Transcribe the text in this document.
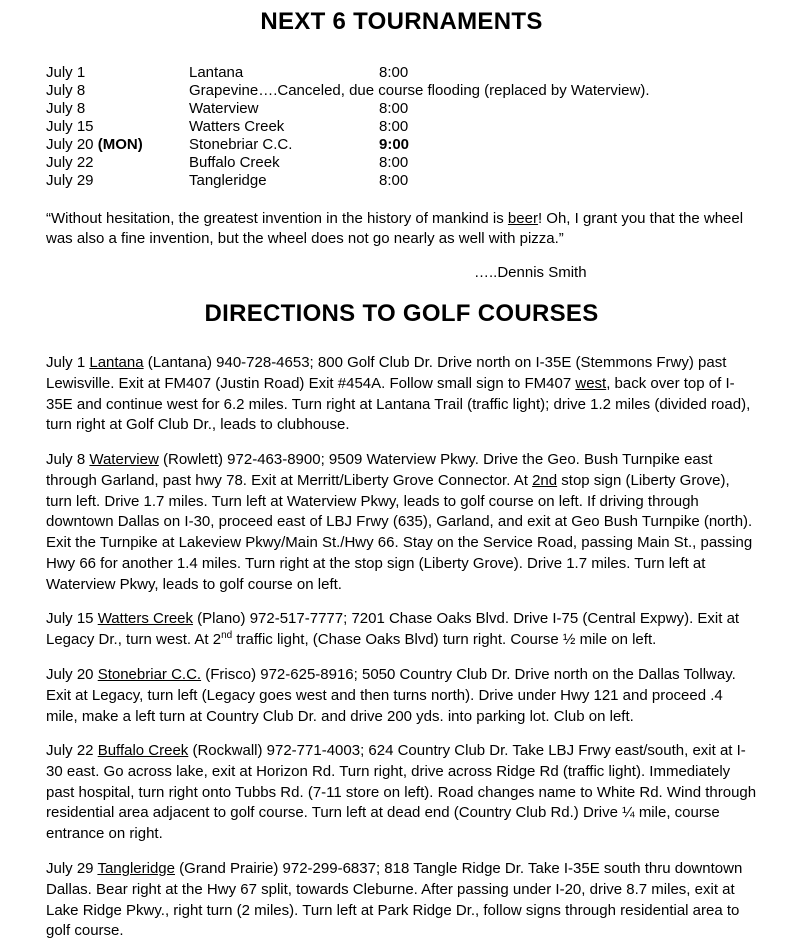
NEXT 6 TOURNAMENTS
July 1	Lantana	8:00
July 8	Grapevine….Canceled, due course flooding (replaced by Waterview).
July 8	Waterview	8:00
July 15	Watters Creek	8:00
July 20 (MON)	Stonebriar C.C.	9:00
July 22	Buffalo Creek	8:00
July 29	Tangleridge	8:00
“Without hesitation, the greatest invention in the history of mankind is beer! Oh, I grant you that the wheel was also a fine invention, but the wheel does not go nearly as well with pizza.”
…..Dennis Smith
DIRECTIONS TO GOLF COURSES

July 1 Lantana (Lantana) 940-728-4653; 800 Golf Club Dr. Drive north on I-35E (Stemmons Frwy) past Lewisville. Exit at FM407 (Justin Road) Exit #454A. Follow small sign to FM407 west, back over top of I-35E and continue west for 6.2 miles. Turn right at Lantana Trail (traffic light); drive 1.2 miles (divided road), turn right at Golf Club Dr., leads to clubhouse.

July 8 Waterview (Rowlett) 972-463-8900; 9509 Waterview Pkwy. Drive the Geo. Bush Turnpike east through Garland, past hwy 78. Exit at Merritt/Liberty Grove Connector. At 2nd stop sign (Liberty Grove), turn left. Drive 1.7 miles. Turn left at Waterview Pkwy, leads to golf course on left. If driving through downtown Dallas on I-30, proceed east of LBJ Frwy (635), Garland, and exit at Geo Bush Turnpike (north). Exit the Turnpike at Lakeview Pkwy/Main St./Hwy 66. Stay on the Service Road, passing Main St., passing Hwy 66 for another 1.4 miles. Turn right at the stop sign (Liberty Grove). Drive 1.7 miles. Turn left at Waterview Pkwy, leads to golf course on left.

July 15 Watters Creek (Plano) 972-517-7777; 7201 Chase Oaks Blvd. Drive I-75 (Central Expwy). Exit at Legacy Dr., turn west. At 2nd traffic light, (Chase Oaks Blvd) turn right. Course ½ mile on left.

July 20 Stonebriar C.C. (Frisco) 972-625-8916; 5050 Country Club Dr. Drive north on the Dallas Tollway. Exit at Legacy, turn left (Legacy goes west and then turns north). Drive under Hwy 121 and proceed .4 mile, make a left turn at Country Club Dr. and drive 200 yds. into parking lot. Club on left.

July 22 Buffalo Creek (Rockwall) 972-771-4003; 624 Country Club Dr. Take LBJ Frwy east/south, exit at I-30 east. Go across lake, exit at Horizon Rd. Turn right, drive across Ridge Rd (traffic light). Immediately past hospital, turn right onto Tubbs Rd. (7-11 store on left). Road changes name to White Rd. Wind through residential area adjacent to golf course. Turn left at dead end (Country Club Rd.) Drive ¼ mile, course entrance on right.

July 29 Tangleridge (Grand Prairie) 972-299-6837; 818 Tangle Ridge Dr. Take I-35E south thru downtown Dallas. Bear right at the Hwy 67 split, towards Cleburne. After passing under I-20, drive 8.7 miles, exit at Lake Ridge Pkwy., right turn (2 miles). Turn left at Park Ridge Dr., follow signs through residential area to golf course.
